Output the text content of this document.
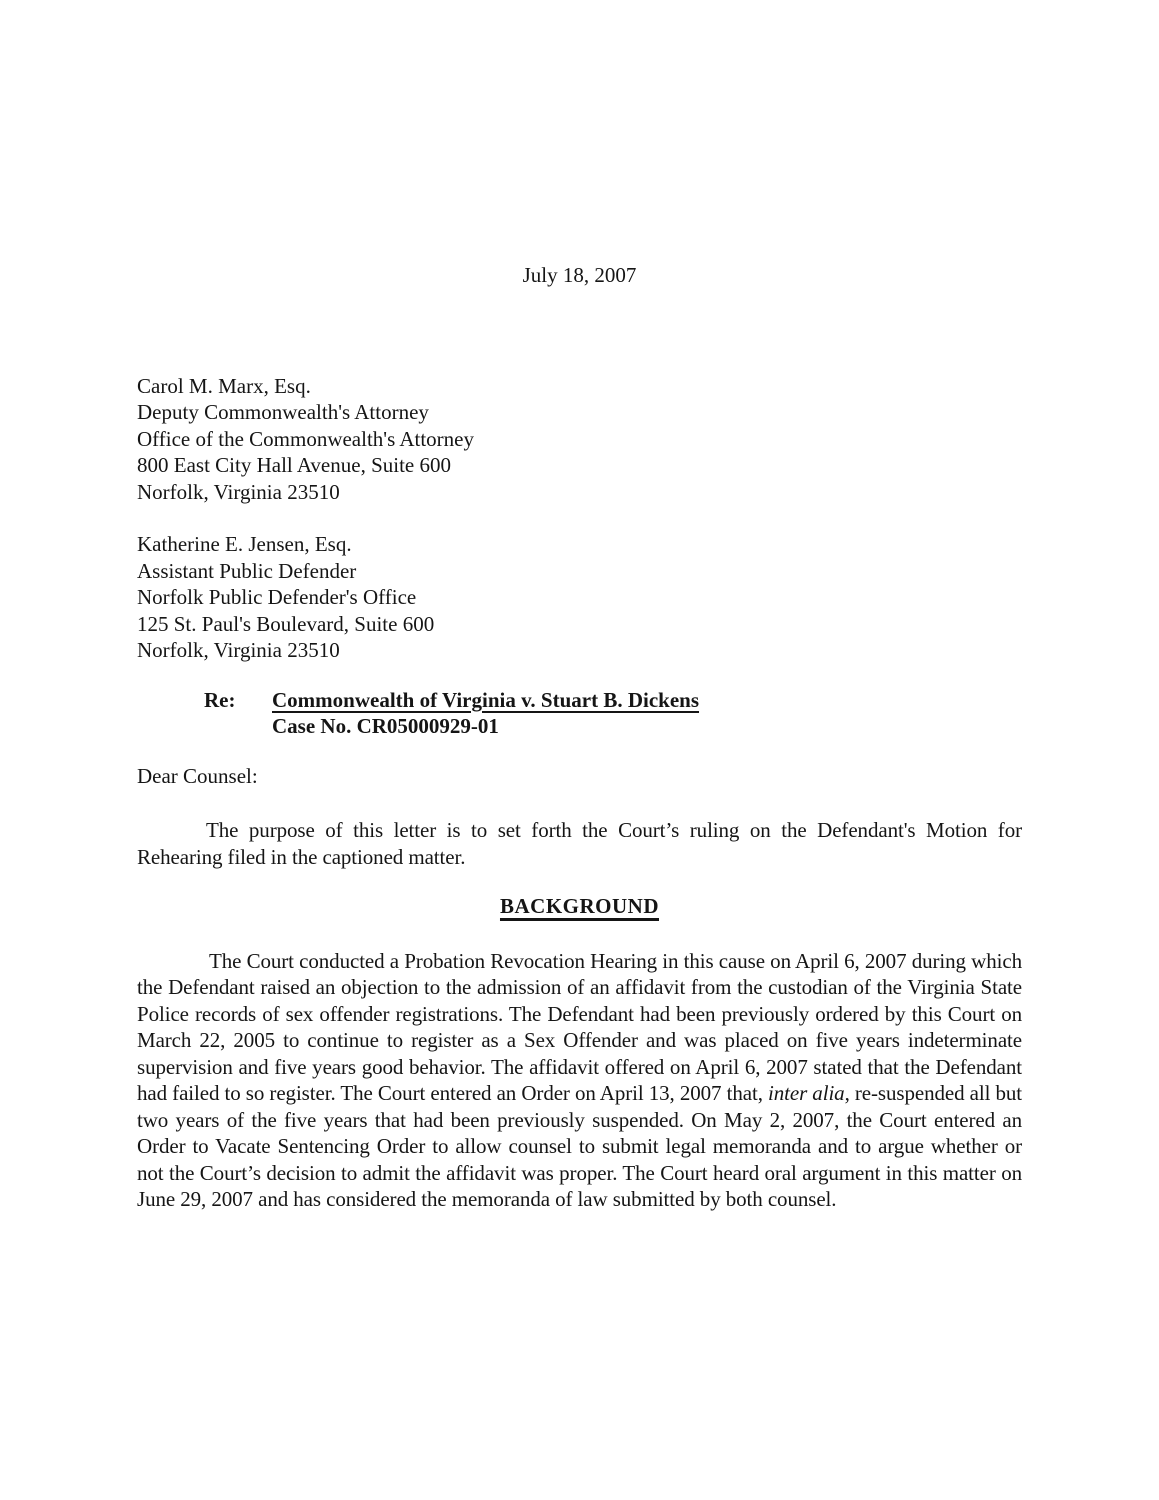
July 18, 2007
Carol M. Marx, Esq.
Deputy Commonwealth's Attorney
Office of the Commonwealth's Attorney
800 East City Hall Avenue, Suite 600
Norfolk, Virginia 23510
Katherine E. Jensen, Esq.
Assistant Public Defender
Norfolk Public Defender's Office
125 St. Paul's Boulevard, Suite 600
Norfolk, Virginia 23510
Re: Commonwealth of Virginia v. Stuart B. Dickens
Case No. CR05000929-01
Dear Counsel:
The purpose of this letter is to set forth the Court’s ruling on the Defendant's Motion for Rehearing filed in the captioned matter.
BACKGROUND
The Court conducted a Probation Revocation Hearing in this cause on April 6, 2007 during which the Defendant raised an objection to the admission of an affidavit from the custodian of the Virginia State Police records of sex offender registrations. The Defendant had been previously ordered by this Court on March 22, 2005 to continue to register as a Sex Offender and was placed on five years indeterminate supervision and five years good behavior. The affidavit offered on April 6, 2007 stated that the Defendant had failed to so register. The Court entered an Order on April 13, 2007 that, inter alia, re-suspended all but two years of the five years that had been previously suspended. On May 2, 2007, the Court entered an Order to Vacate Sentencing Order to allow counsel to submit legal memoranda and to argue whether or not the Court’s decision to admit the affidavit was proper. The Court heard oral argument in this matter on June 29, 2007 and has considered the memoranda of law submitted by both counsel.
